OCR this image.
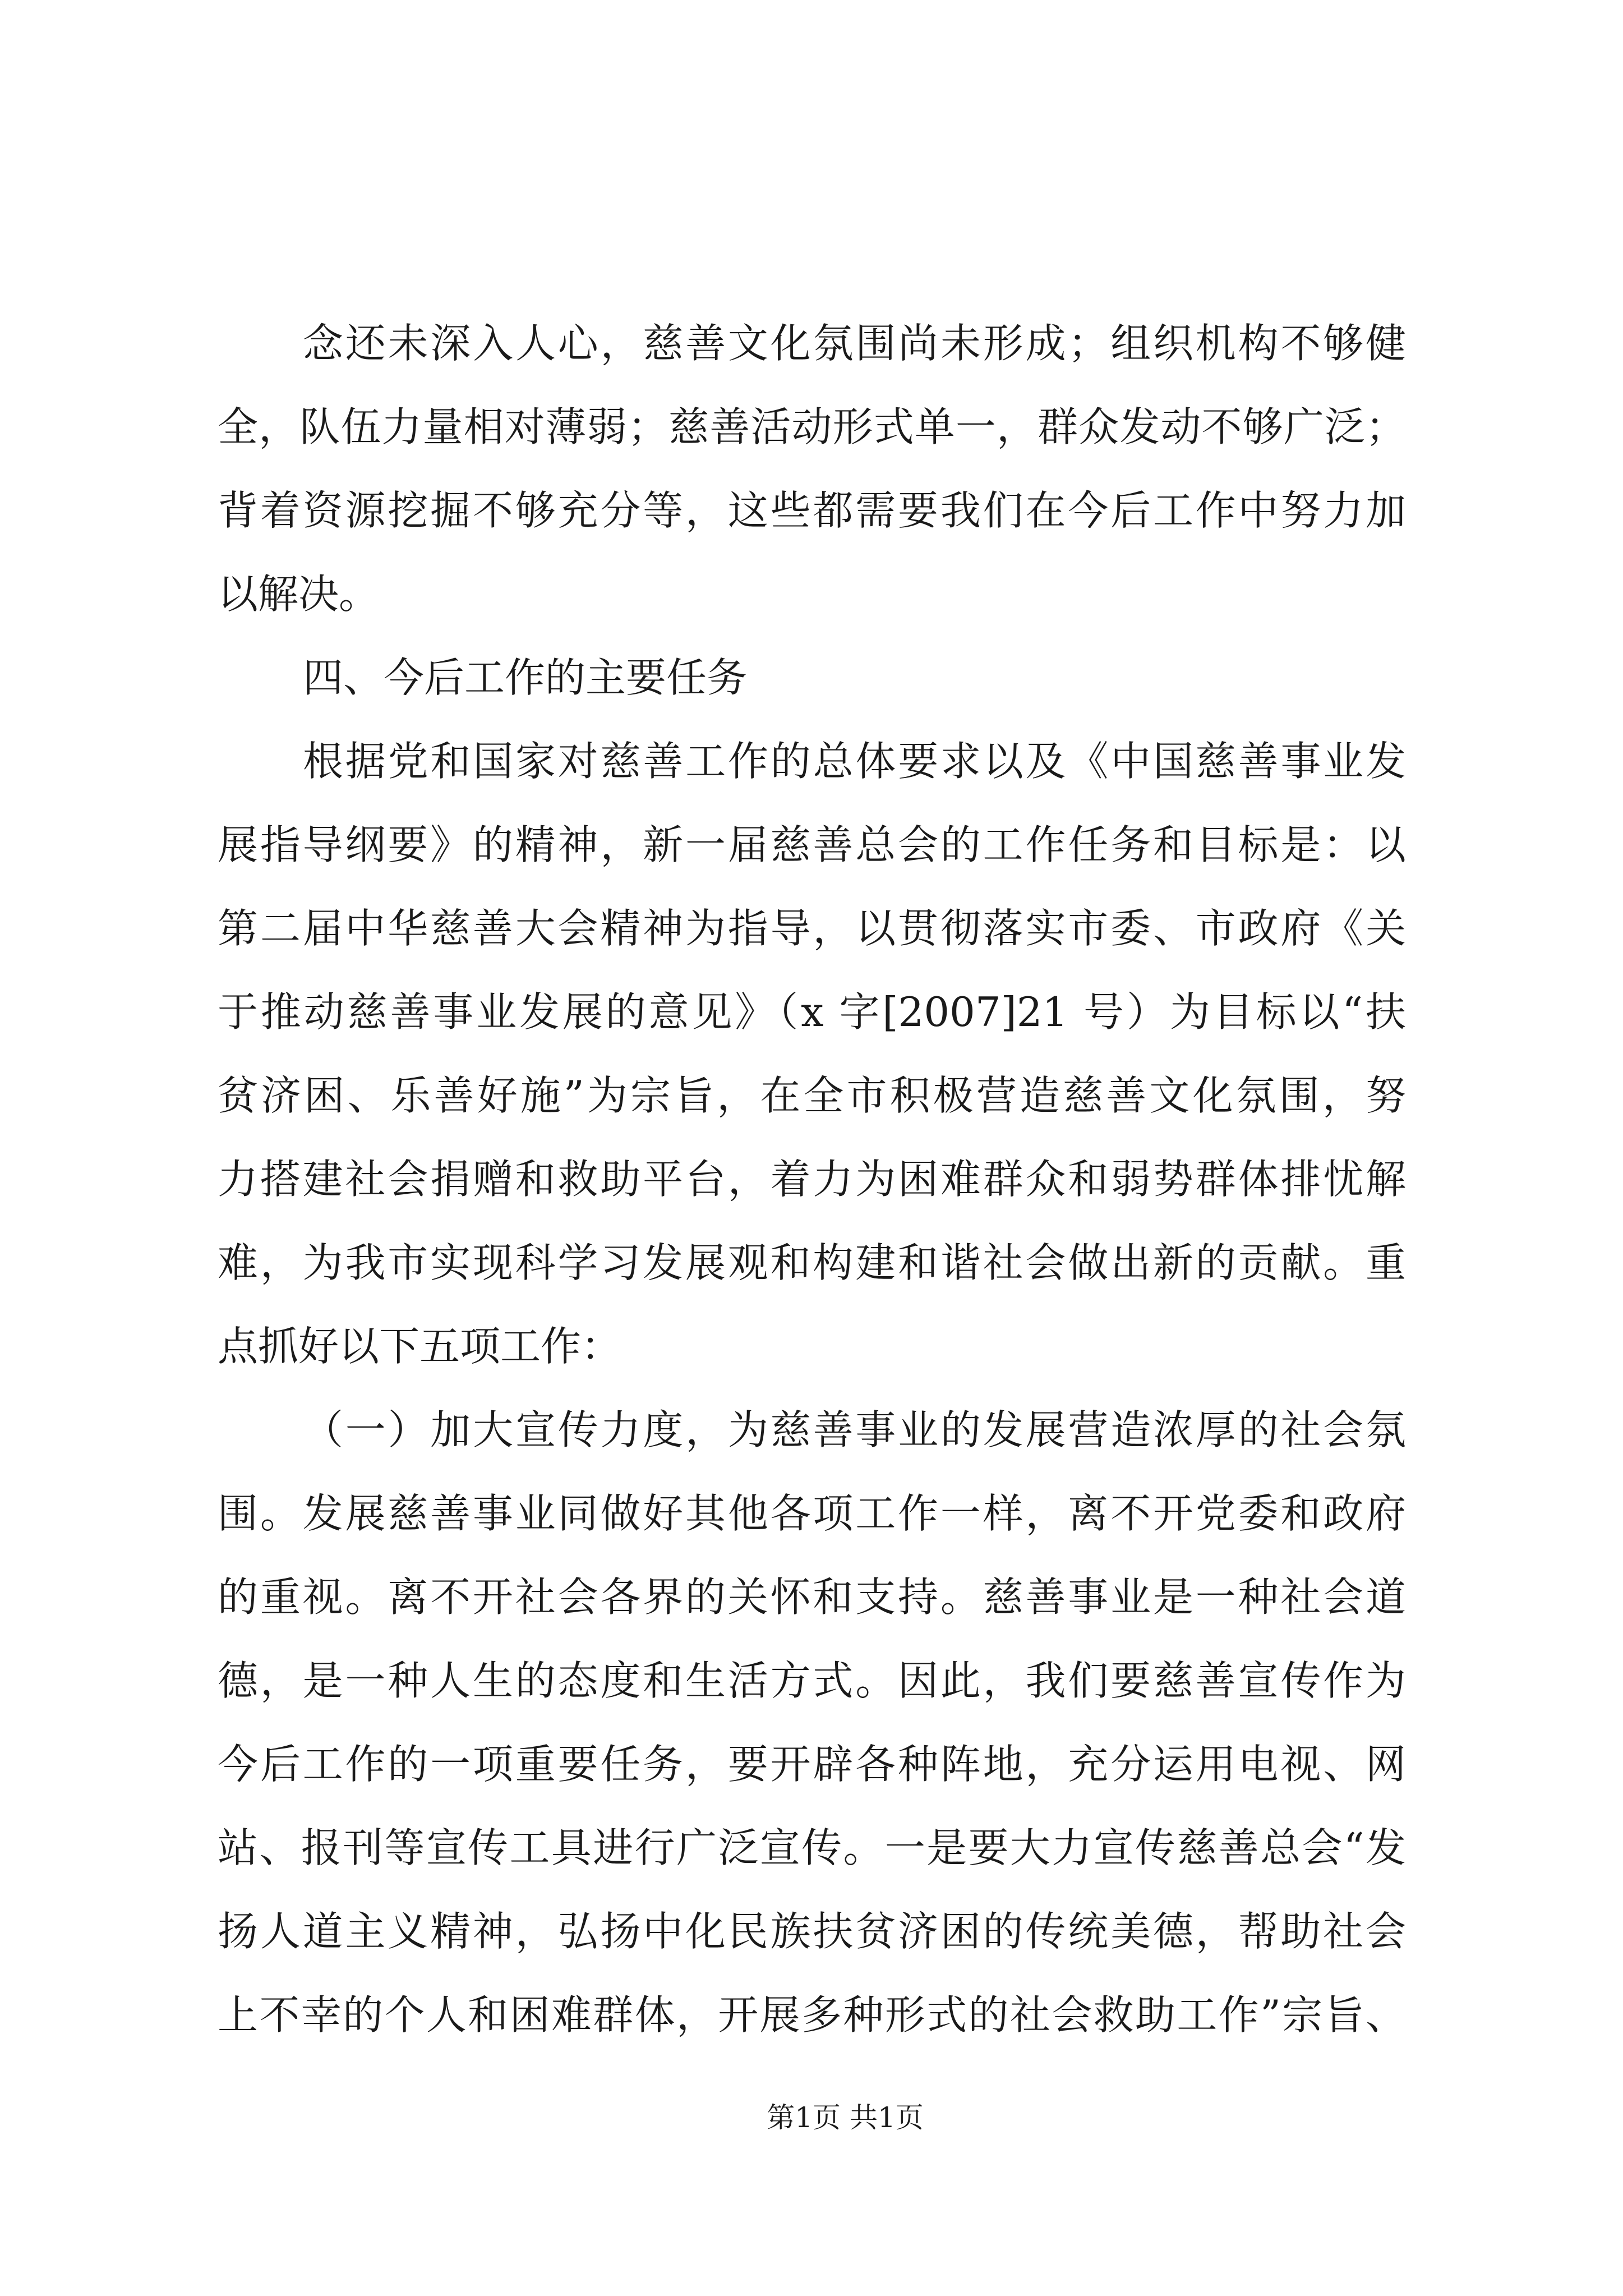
念还未深入人心，慈善文化氛围尚未形成；组织机构不够健
全，队伍力量相对薄弱；慈善活动形式单一，群众发动不够广泛；
背着资源挖掘不够充分等，这些都需要我们在今后工作中努力加
以解决。
四、今后工作的主要任务
根据党和国家对慈善工作的总体要求以及《中国慈善事业发
展指导纲要》的精神，新一届慈善总会的工作任务和目标是：以
第二届中华慈善大会精神为指导，以贯彻落实市委、市政府《关
于推动慈善事业发展的意见》（x 字[2007]21 号）为目标以“扶
贫济困、乐善好施”为宗旨，在全市积极营造慈善文化氛围，努
力搭建社会捐赠和救助平台，着力为困难群众和弱势群体排忧解
难，为我市实现科学习发展观和构建和谐社会做出新的贡献。重
点抓好以下五项工作：
（一）加大宣传力度，为慈善事业的发展营造浓厚的社会氛
围。发展慈善事业同做好其他各项工作一样，离不开党委和政府
的重视。离不开社会各界的关怀和支持。慈善事业是一种社会道
德，是一种人生的态度和生活方式。因此，我们要慈善宣传作为
今后工作的一项重要任务，要开辟各种阵地，充分运用电视、网
站、报刊等宣传工具进行广泛宣传。一是要大力宣传慈善总会“发
扬人道主义精神，弘扬中化民族扶贫济困的传统美德，帮助社会
上不幸的个人和困难群体，开展多种形式的社会救助工作”宗旨、
第1页 共1页
